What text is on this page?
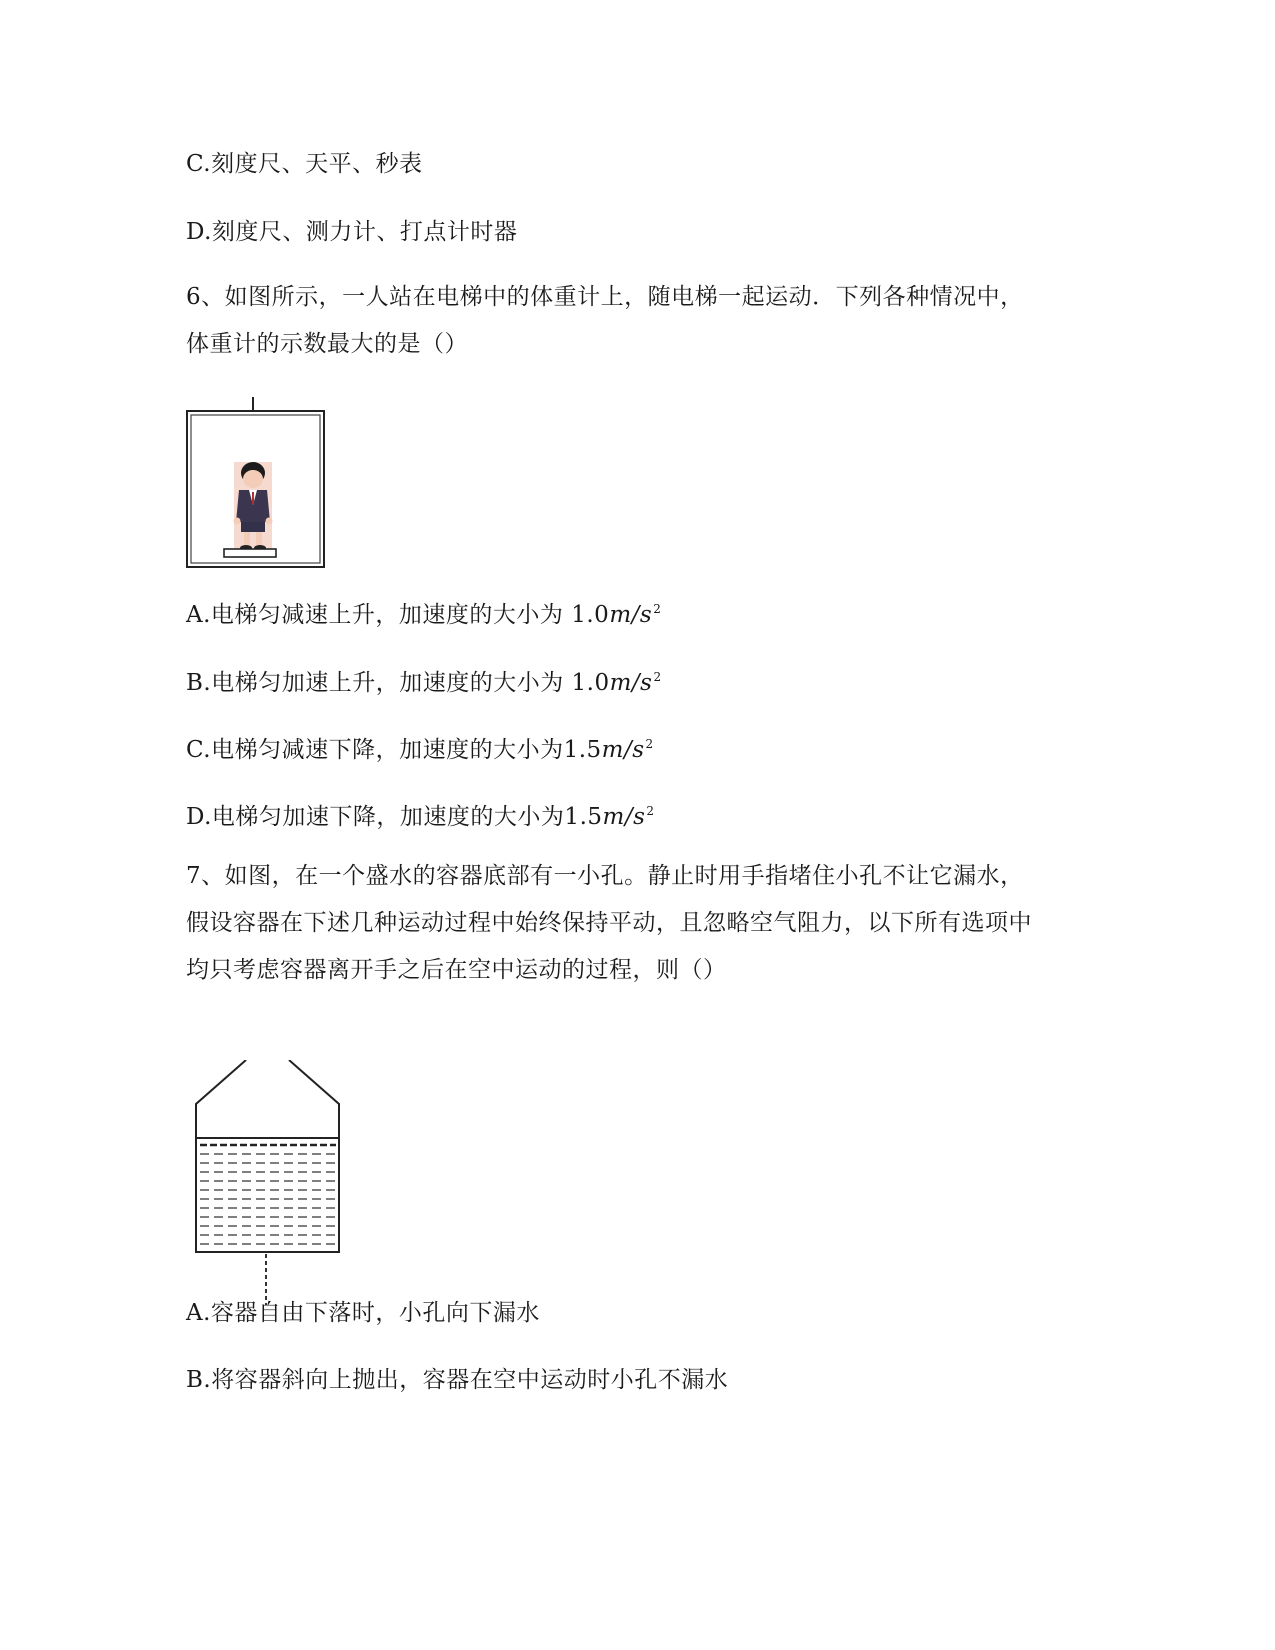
C.刻度尺、天平、秒表
D.刻度尺、测力计、打点计时器
6、如图所示，一人站在电梯中的体重计上，随电梯一起运动．下列各种情况中，
体重计的示数最大的是（）
A.电梯匀减速上升，加速度的大小为 $1.0m/s^2$
B.电梯匀加速上升，加速度的大小为 $1.0m/s^2$
C.电梯匀减速下降，加速度的大小为$1.5m/s^2$
D.电梯匀加速下降，加速度的大小为$1.5m/s^2$
7、如图，在一个盛水的容器底部有一小孔。静止时用手指堵住小孔不让它漏水，
假设容器在下述几种运动过程中始终保持平动，且忽略空气阻力，以下所有选项中
均只考虑容器离开手之后在空中运动的过程，则（）
A.容器自由下落时，小孔向下漏水
B.将容器斜向上抛出，容器在空中运动时小孔不漏水
